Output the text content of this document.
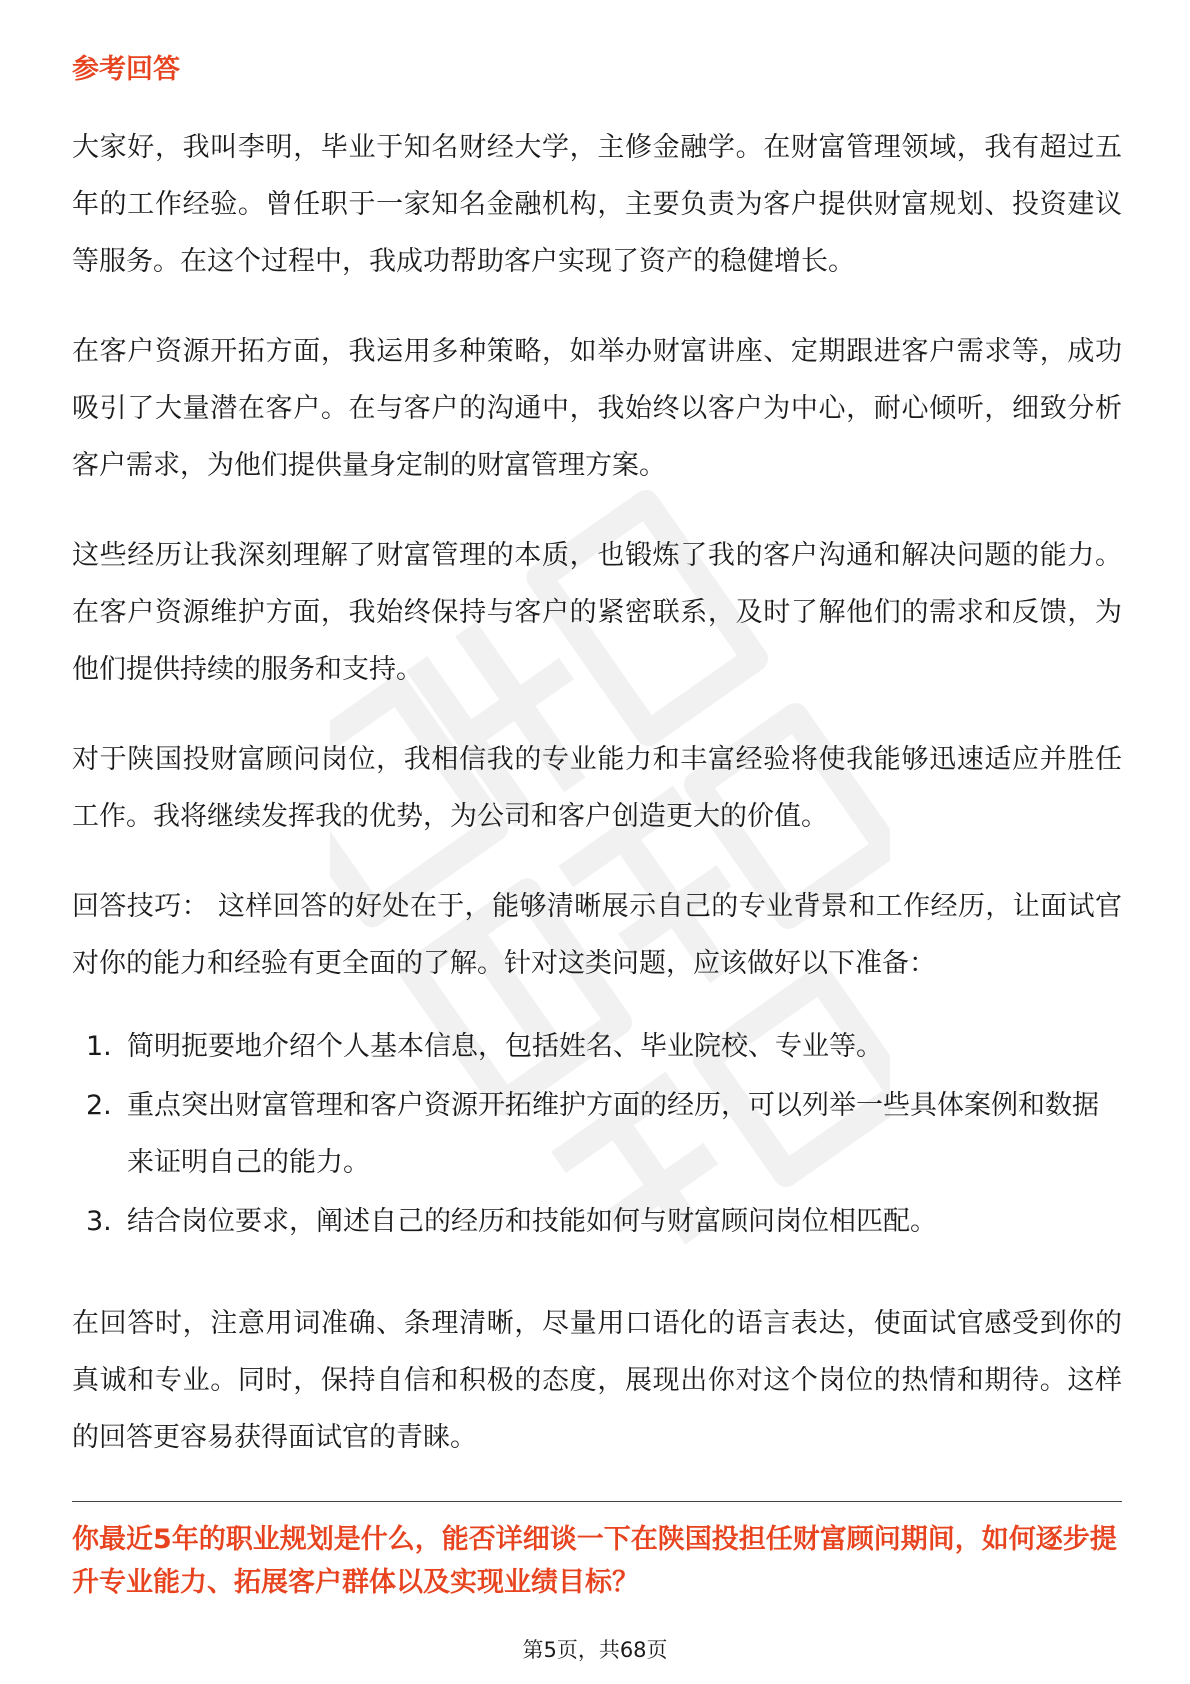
参考回答

大家好，我叫李明，毕业于知名财经大学，主修金融学。在财富管理领域，我有超过五年的工作经验。曾任职于一家知名金融机构，主要负责为客户提供财富规划、投资建议等服务。在这个过程中，我成功帮助客户实现了资产的稳健增长。

在客户资源开拓方面，我运用多种策略，如举办财富讲座、定期跟进客户需求等，成功吸引了大量潜在客户。在与客户的沟通中，我始终以客户为中心，耐心倾听，细致分析客户需求，为他们提供量身定制的财富管理方案。

这些经历让我深刻理解了财富管理的本质，也锻炼了我的客户沟通和解决问题的能力。在客户资源维护方面，我始终保持与客户的紧密联系，及时了解他们的需求和反馈，为他们提供持续的服务和支持。

对于陕国投财富顾问岗位，我相信我的专业能力和丰富经验将使我能够迅速适应并胜任工作。我将继续发挥我的优势，为公司和客户创造更大的价值。

回答技巧： 这样回答的好处在于，能够清晰展示自己的专业背景和工作经历，让面试官对你的能力和经验有更全面的了解。针对这类问题，应该做好以下准备：

1. 简明扼要地介绍个人基本信息，包括姓名、毕业院校、专业等。
2. 重点突出财富管理和客户资源开拓维护方面的经历，可以列举一些具体案例和数据来证明自己的能力。
3. 结合岗位要求，阐述自己的经历和技能如何与财富顾问岗位相匹配。

在回答时，注意用词准确、条理清晰，尽量用口语化的语言表达，使面试官感受到你的真诚和专业。同时，保持自信和积极的态度，展现出你对这个岗位的热情和期待。这样的回答更容易获得面试官的青睐。

你最近5年的职业规划是什么，能否详细谈一下在陕国投担任财富顾问期间，如何逐步提升专业能力、拓展客户群体以及实现业绩目标？

第5页，共68页
